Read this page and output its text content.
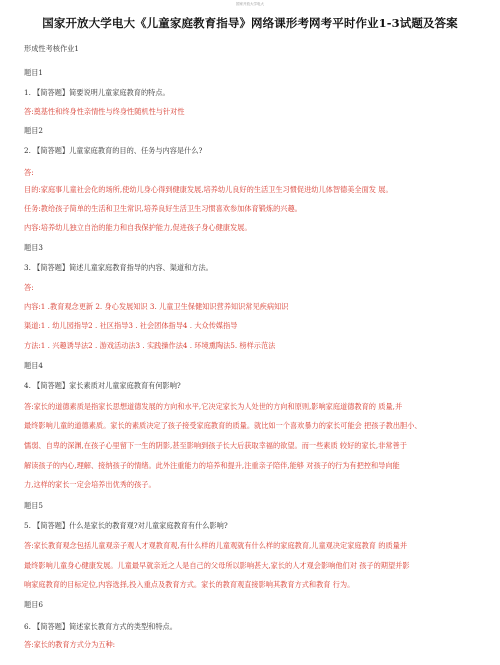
国家开放大学电大
国家开放大学电大《儿童家庭教育指导》网络课形考网考平时作业1-3试题及答案
形成性考核作业1
题目1
1. 【简答题】简要说明儿童家庭教育的特点。
答:奠基性和终身性亲情性与终身性随机性与针对性
题目2
2. 【简答题】儿童家庭教育的目的、任务与内容是什么?
答:
目的:家庭事儿童社会化的场所,使幼儿身心得到健康发展,培养幼儿良好的生活卫生习惯促进幼儿体智德美全面发 展。
任务:教给孩子简单的生活和卫生常识,培养良好生活卫生习惯喜欢参加体育锻炼的兴趣。
内容:培养幼儿独立自治的能力和自我保护能力,促进孩子身心健康发展。
题目3
3. 【简答题】简述儿童家庭教育指导的内容、渠道和方法。
答:
内容:1 .教育观念更新 2. 身心发展知识 3. 儿童卫生保健知识营养知识常见疾病知识
渠道:1 . 幼儿园指导2 . 社区指导3 . 社会团体指导4 . 大众传媒指导
方法:1 . 兴趣诱导法2 . 游戏活动法3 . 实践操作法4 . 环境熏陶法5. 榜样示范法
题目4
4. 【简答题】家长素质对儿童家庭教育有何影响?
答:家长的道德素质是指家长思想道德发展的方向和水平,它决定家长为人处世的方向和原则,影响家庭道德教育的 质量,并
最终影响儿童的道德素质。家长的素质决定了孩子接受家庭教育的质量。就比如一个喜欢暴力的家长可能会 把孩子教出胆小、
懦弱、自卑的深渊,在孩子心里留下一生的阴影,甚至影响到孩子长大后获取幸福的欲望。而一些素质 较好的家长,非常善于
解读孩子的内心,理解、接纳孩子的情绪。此外注重能力的培养和提升,注重亲子陪伴,能够 对孩子的行为有把控和导向能
力,这样的家长一定会培养出优秀的孩子。
题目5
5. 【简答题】什么是家长的教育观?对儿童家庭教育有什么影响?
答:家长教育观念包括儿童观亲子观人才观教育观,有什么样的儿童观就有什么样的家庭教育,儿童观决定家庭教育 的质量并
最终影响儿童身心健康发展。儿童最早就亲近之人是自己的父母所以影响甚大,家长的人才观会影响他们对 孩子的期望并影
响家庭教育的目标定位,内容选择,投入重点及教育方式。家长的教育观直接影响其教育方式和教育 行为。
题目6
6. 【简答题】简述家长教育方式的类型和特点。
答:家长的教育方式分为五种:
